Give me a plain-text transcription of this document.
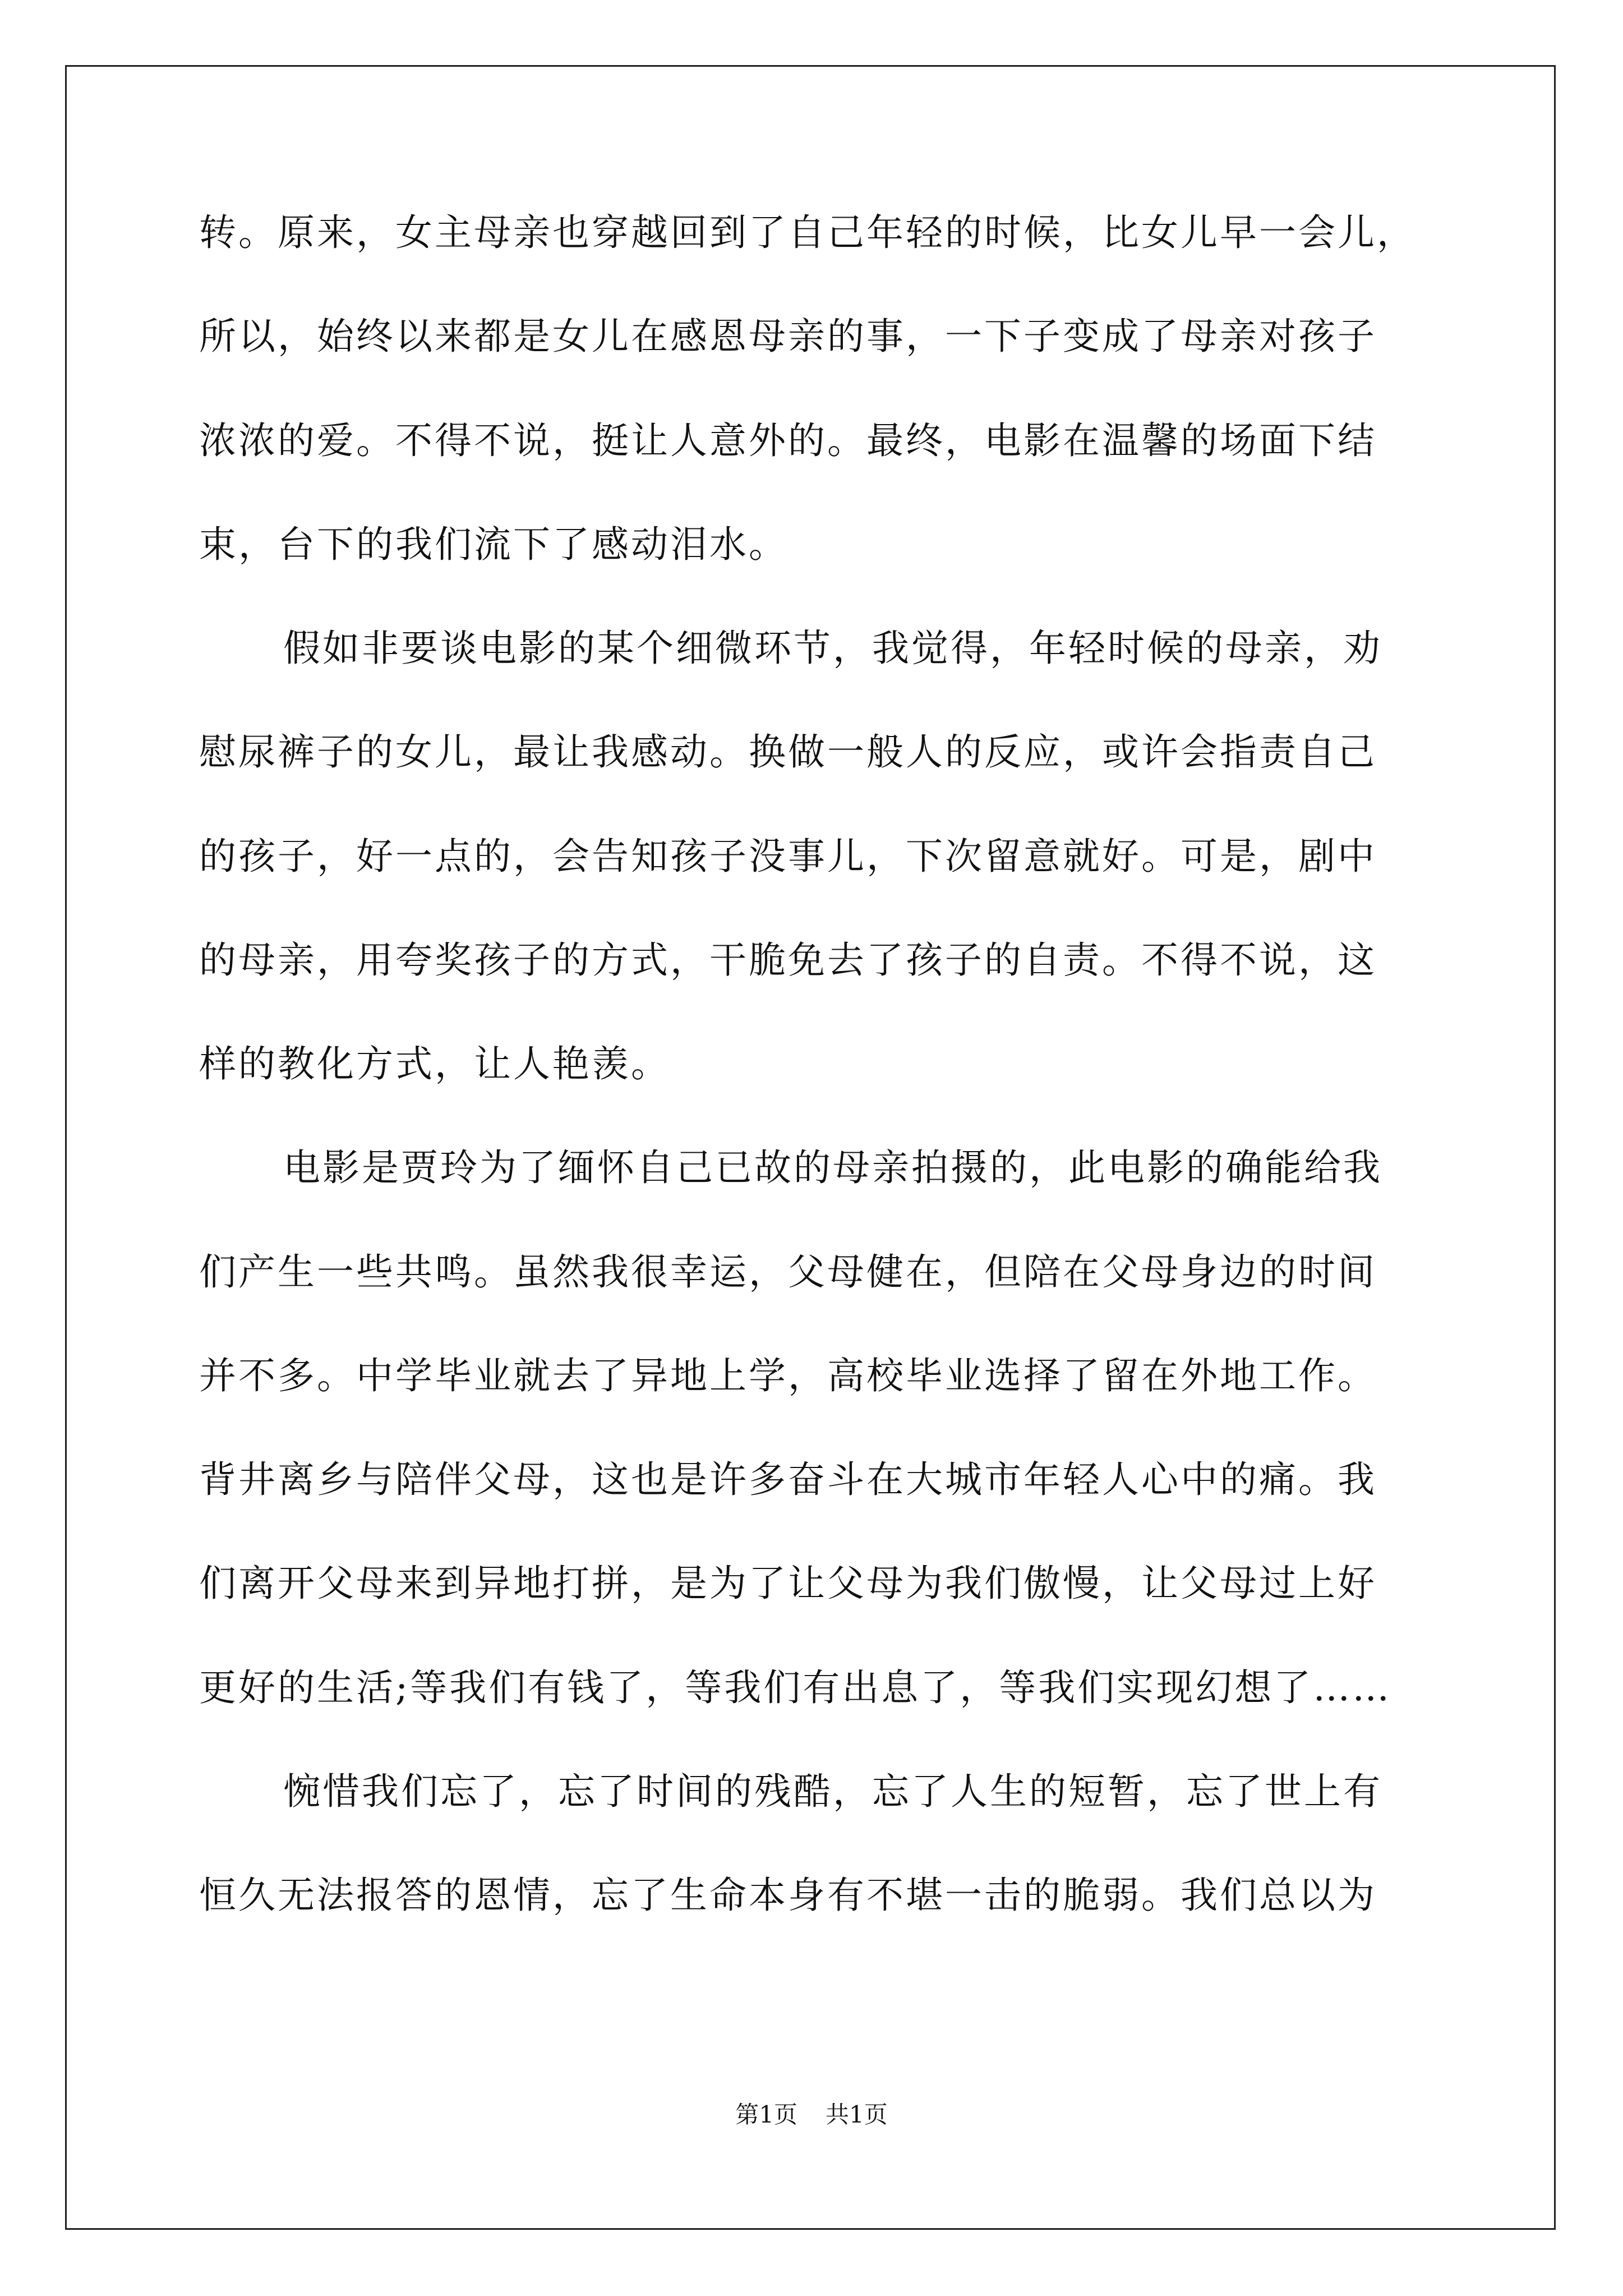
转。原来，女主母亲也穿越回到了自己年轻的时候，比女儿早一会儿，
所以，始终以来都是女儿在感恩母亲的事，一下子变成了母亲对孩子
浓浓的爱。不得不说，挺让人意外的。最终，电影在温馨的场面下结
束，台下的我们流下了感动泪水。
假如非要谈电影的某个细微环节，我觉得，年轻时候的母亲，劝
慰尿裤子的女儿，最让我感动。换做一般人的反应，或许会指责自己
的孩子，好一点的，会告知孩子没事儿，下次留意就好。可是，剧中
的母亲，用夸奖孩子的方式，干脆免去了孩子的自责。不得不说，这
样的教化方式，让人艳羡。
电影是贾玲为了缅怀自己已故的母亲拍摄的，此电影的确能给我
们产生一些共鸣。虽然我很幸运，父母健在，但陪在父母身边的时间
并不多。中学毕业就去了异地上学，高校毕业选择了留在外地工作。
背井离乡与陪伴父母，这也是许多奋斗在大城市年轻人心中的痛。我
们离开父母来到异地打拼，是为了让父母为我们傲慢，让父母过上好
更好的生活;等我们有钱了，等我们有出息了，等我们实现幻想了……
惋惜我们忘了，忘了时间的残酷，忘了人生的短暂，忘了世上有
恒久无法报答的恩情，忘了生命本身有不堪一击的脆弱。我们总以为
第1页 共1页
